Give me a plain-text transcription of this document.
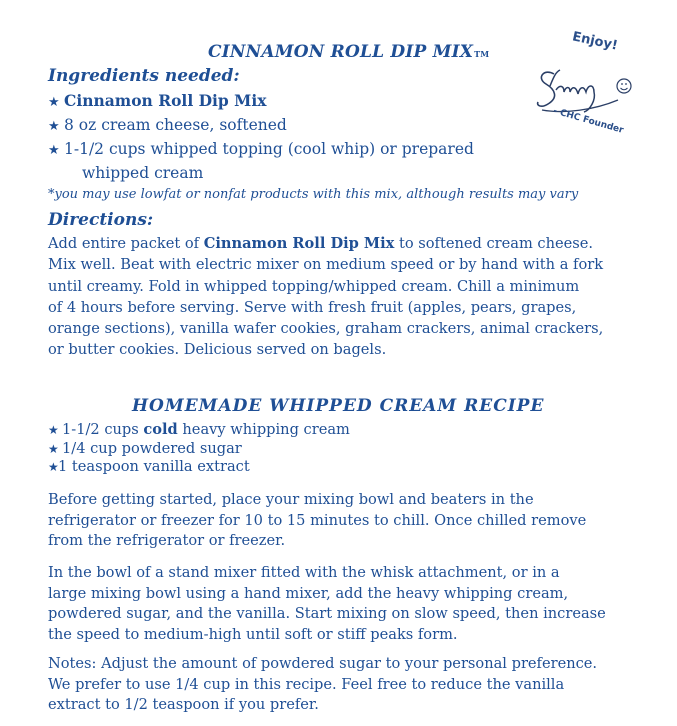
CINNAMON ROLL DIP MIXTM
Enjoy!
- CHC Founder
Ingredients needed:
★ Cinnamon Roll Dip Mix
★ 8 oz cream cheese, softened
★ 1-1/2 cups whipped topping (cool whip) or prepared
whipped cream
*you may use lowfat or nonfat products with this mix, although results may vary
Directions:
Add entire packet of Cinnamon Roll Dip Mix to softened cream cheese.
Mix well. Beat with electric mixer on medium speed or by hand with a fork
until creamy. Fold in whipped topping/whipped cream. Chill a minimum
of 4 hours before serving. Serve with fresh fruit (apples, pears, grapes,
orange sections), vanilla wafer cookies, graham crackers, animal crackers,
or butter cookies. Delicious served on bagels.
HOMEMADE WHIPPED CREAM RECIPE
★ 1-1/2 cups cold heavy whipping cream
★ 1/4 cup powdered sugar
★1 teaspoon vanilla extract
Before getting started, place your mixing bowl and beaters in the
refrigerator or freezer for 10 to 15 minutes to chill. Once chilled remove
from the refrigerator or freezer.
In the bowl of a stand mixer fitted with the whisk attachment, or in a
large mixing bowl using a hand mixer, add the heavy whipping cream,
powdered sugar, and the vanilla. Start mixing on slow speed, then increase
the speed to medium-high until soft or stiff peaks form.
Notes: Adjust the amount of powdered sugar to your personal preference.
We prefer to use 1/4 cup in this recipe. Feel free to reduce the vanilla
extract to 1/2 teaspoon if you prefer.
